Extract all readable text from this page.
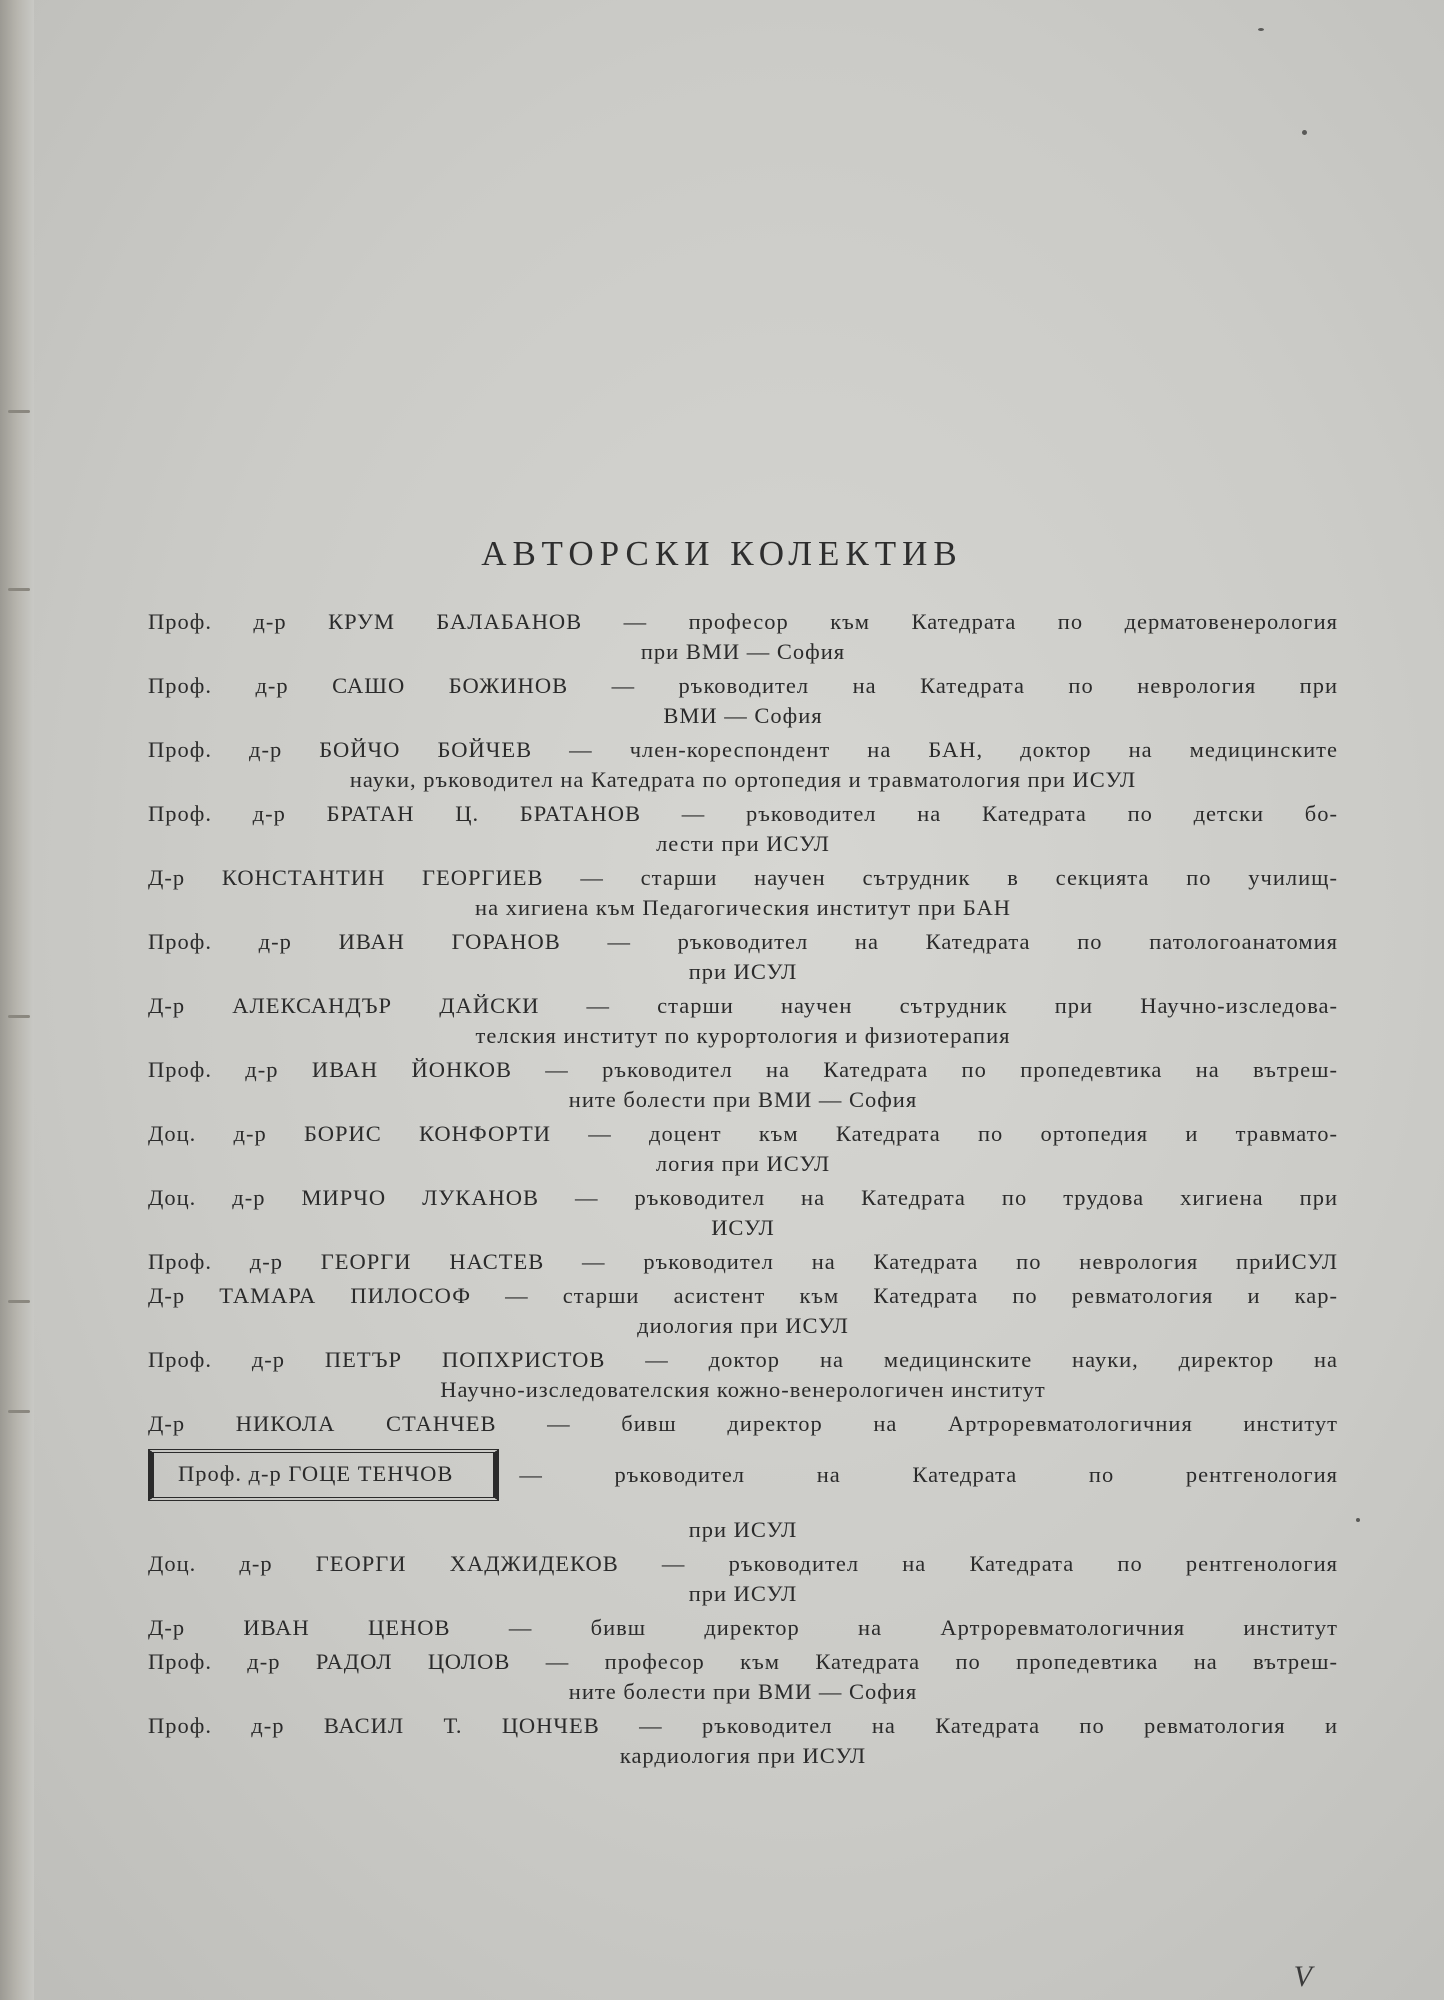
АВТОРСКИ КОЛЕКТИВ
Проф. д-р КРУМ БАЛАБАНОВ — професор към Катедрата по дерматовенерология
при ВМИ — София
Проф. д-р САШО БОЖИНОВ — ръководител на Катедрата по неврология при
ВМИ — София
Проф. д-р БОЙЧО БОЙЧЕВ — член-кореспондент на БАН, доктор на медицинските
науки, ръководител на Катедрата по ортопедия и травматология при ИСУЛ
Проф. д-р БРАТАН Ц. БРАТАНОВ — ръководител на Катедрата по детски бо-
лести при ИСУЛ
Д-р КОНСТАНТИН ГЕОРГИЕВ — старши научен сътрудник в секцията по училищ-
на хигиена към Педагогическия институт при БАН
Проф. д-р ИВАН ГОРАНОВ — ръководител на Катедрата по патологоанатомия
при ИСУЛ
Д-р АЛЕКСАНДЪР ДАЙСКИ — старши научен сътрудник при Научно-изследова-
телския институт по курортология и физиотерапия
Проф. д-р ИВАН ЙОНКОВ — ръководител на Катедрата по пропедевтика на вътреш-
ните болести при ВМИ — София
Доц. д-р БОРИС КОНФОРТИ — доцент към Катедрата по ортопедия и травмато-
логия при ИСУЛ
Доц. д-р МИРЧО ЛУКАНОВ — ръководител на Катедрата по трудова хигиена при
ИСУЛ
Проф. д-р ГЕОРГИ НАСТЕВ — ръководител на Катедрата по неврология приИСУЛ
Д-р ТАМАРА ПИЛОСОФ — старши асистент към Катедрата по ревматология и кар-
диология при ИСУЛ
Проф. д-р ПЕТЪР ПОПХРИСТОВ — доктор на медицинските науки, директор на
Научно-изследователския кожно-венерологичен институт
Д-р НИКОЛА СТАНЧЕВ — бивш директор на Артроревматологичния институт
Проф. д-р ГОЦЕ ТЕНЧОВ	— ръководител на Катедрата по рентгенология
при ИСУЛ
Доц. д-р ГЕОРГИ ХАДЖИДЕКОВ — ръководител на Катедрата по рентгенология
при ИСУЛ
Д-р ИВАН ЦЕНОВ — бивш директор на Артроревматологичния институт
Проф. д-р РАДОЛ ЦОЛОВ — професор към Катедрата по пропедевтика на вътреш-
ните болести при ВМИ — София
Проф. д-р ВАСИЛ Т. ЦОНЧЕВ — ръководител на Катедрата по ревматология и
кардиология при ИСУЛ
V
